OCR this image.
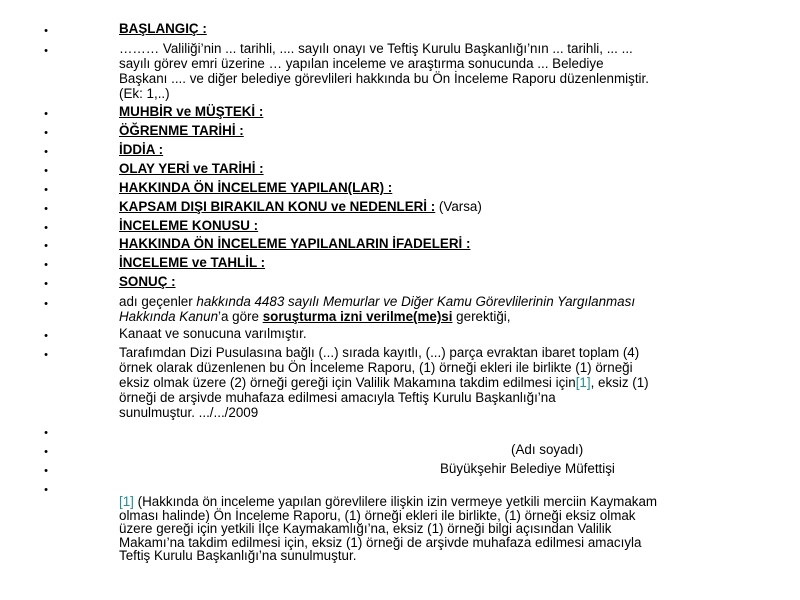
•	BAŞLANGIÇ :
•	……… Valiliği’nin ... tarihli, .... sayılı onayı ve Teftiş Kurulu Başkanlığı’nın ... tarihli, ... ...
sayılı görev emri üzerine … yapılan inceleme ve araştırma sonucunda ... Belediye
Başkanı .... ve diğer belediye görevlileri hakkında bu Ön İnceleme Raporu düzenlenmiştir.
(Ek: 1,..)
•	MUHBİR ve MÜŞTEKİ :
•	ÖĞRENME TARİHİ :
•	İDDİA :
•	OLAY YERİ ve TARİHİ :
•	HAKKINDA ÖN İNCELEME YAPILAN(LAR) :
•	KAPSAM DIŞI BIRAKILAN KONU ve NEDENLERİ : (Varsa)
•	İNCELEME KONUSU :
•	HAKKINDA ÖN İNCELEME YAPILANLARIN İFADELERİ :
•	İNCELEME ve TAHLİL :
•	SONUÇ :
•	adı geçenler hakkında 4483 sayılı Memurlar ve Diğer Kamu Görevlilerinin Yargılanması
Hakkında Kanun’a göre soruşturma izni verilme(me)si gerektiği,
•	Kanaat ve sonucuna varılmıştır.
•	Tarafımdan Dizi Pusulasına bağlı (...) sırada kayıtlı, (...) parça evraktan ibaret toplam (4)
örnek olarak düzenlenen bu Ön İnceleme Raporu, (1) örneği ekleri ile birlikte (1) örneği
eksiz olmak üzere (2) örneği gereği için Valilik Makamına takdim edilmesi için[1], eksiz (1)
örneği de arşivde muhafaza edilmesi amacıyla Teftiş Kurulu Başkanlığı’na
sunulmuştur. .../.../2009
•
•	(Adı soyadı)
•	Büyükşehir Belediye Müfettişi
•
[1] (Hakkında ön inceleme yapılan görevlilere ilişkin izin vermeye yetkili merciin Kaymakam
olması halinde) Ön İnceleme Raporu, (1) örneği ekleri ile birlikte, (1) örneği eksiz olmak
üzere gereği için yetkili İlçe Kaymakamlığı’na, eksiz (1) örneği bilgi açısından Valilik
Makamı’na takdim edilmesi için, eksiz (1) örneği de arşivde muhafaza edilmesi amacıyla
Teftiş Kurulu Başkanlığı’na sunulmuştur.
